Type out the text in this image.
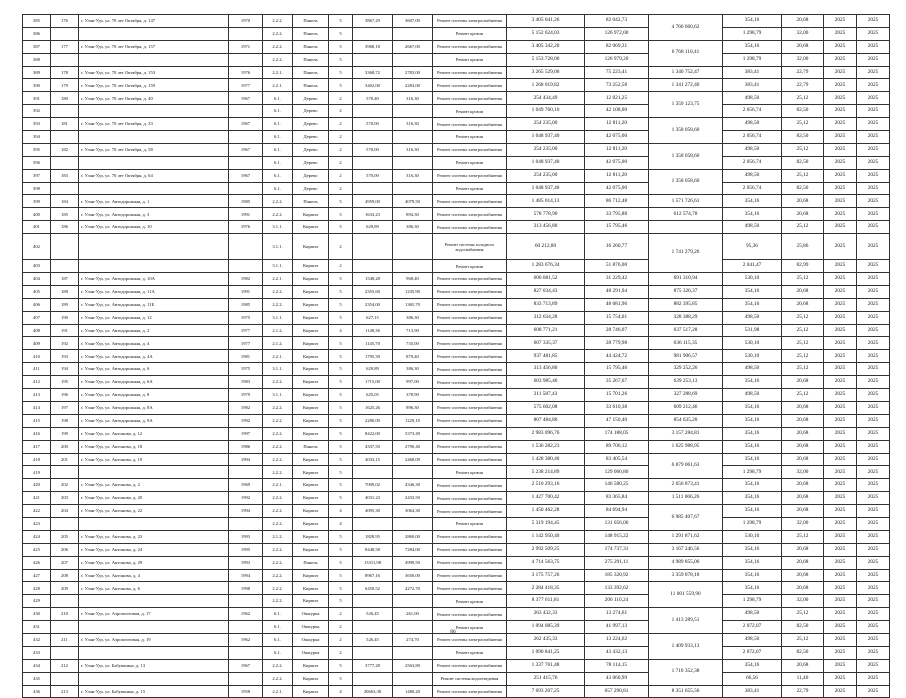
385	176	г. Улан-Удэ, ул. 70 лет Октября, д. 147	1970	2.2.2.	Панель	5	3867,29	3607,00	Ремонт системы электроснабжения	3 405 041,26	82 042,73	4 766 660,62	354,16	20,68	2025	2025
386				2.2.2.	Панель	5			Ремонт кровли	5 152 624,03	126 972,00		1 298,79	32,00	2025	2025
387	177	г. Улан-Удэ, ул. 70 лет Октября, д. 157	1971	2.2.2.	Панель	5	3968,18	2667,00	Ремонт системы электроснабжения	3 405 342,20	82 069,31	6 768 110,41	354,16	20,68	2025	2025
388				2.2.2.	Панель	5			Ремонт кровли	5 153 728,00	126 979,20		1 298,79	32,00	2025	2025
389	178	г. Улан-Удэ, ул. 70 лет Октября, д. 153	1976	2.2.1.	Панель	5	3368,72	2783,00	Ремонт системы электроснабжения	3 265 529,06	75 223,41	1 340 752,47	383,41	22,79	2025	2025
390	179	г. Улан-Удэ, ул. 70 лет Октября, д. 159	1977	2.2.1.	Панель	5	3402,00	2283,00	Ремонт системы электроснабжения	1 268 019,82	73 252,58	1 341 272,40	383,41	22,79	2025	2025
391	180	г. Улан-Удэ, ул. 70 лет Октября, д. 40	1967	6.1.	Дерево	2	570,40	316,30	Ремонт системы электроснабжения	254 434,49	12 821,25	1 359 123,75	498,50	25,12	2025	2025
392				6.1.	Дерево	2			Ремонт кровли	1 049 760,10	42 108,00		2 056,74	82,50	2025	2025
393	181	г. Улан-Удэ, ул. 70 лет Октября, д. 33	1967	6.1.	Дерево	2	570,00	316,30	Ремонт системы электроснабжения	254 235,00	12 811,20	1 358 058,60	498,50	25,12	2025	2025
394				6.1.	Дерево	2			Ремонт кровли	1 048 937,40	42 075,00		2 056,74	82,50	2025	2025
395	182	г. Улан-Удэ, ул. 70 лет Октября, д. 58	1967	6.1.	Дерево	2	570,00	316,30	Ремонт системы электроснабжения	254 235,00	12 811,20	1 358 058,60	498,50	25,12	2025	2025
396				6.1.	Дерево	2			Ремонт кровли	1 048 937,40	42 075,00		2 056,74	82,50	2025	2025
397	183	г. Улан-Удэ, ул. 70 лет Октября, д. 64	1967	6.1.	Дерево	2	570,00	316,30	Ремонт системы электроснабжения	254 235,00	12 811,20	1 358 058,60	498,50	25,12	2025	2025
398				6.1.	Дерево	2			Ремонт кровли	1 048 937,40	42 075,00		2 056,74	82,50	2025	2025
399	184	г. Улан-Удэ, ул. Автодорожная, д. 1	1985	2.2.2.	Панель	5	4959,00	4079,50	Ремонт системы электроснабжения	1 485 014,13	86 712,48	1 571 726,61	354,16	20,68	2025	2025
400	185	г. Улан-Удэ, ул. Автодорожная, д. 3	1991	2.2.2.	Кирпич	5	1633,23	894,30	Ремонт системы электроснабжения	578 778,90	33 795,88	612 574,78	354,16	20,68	2025	2025
401	186	г. Улан-Удэ, ул. Автодорожная, д. 10	1976	3.1.1.	Кирпич	5	629,89	386,30	Ремонт системы электроснабжения	313 456,80	15 795,46		498,50	25,12	2025	2025
402				3.1.1.	Кирпич	2			Ремонт системы холодного водоснабжения	60 212,80	16 260,77	1 741 279,26	95,36	25,86	2025	2025
403				3.1.1.	Кирпич	2			Ремонт кровли	1 283 676,34	51 876,00		2 041,47	82,99	2025	2025
404	187	г. Улан-Удэ, ул. Автодорожная, д. 10А	1982	2.2.1.	Кирпич	5	1548,28	968,40	Ремонт системы электроснабжения	600 081,52	31 229,42	691 310,94	530,10	25,12	2025	2025
405	188	г. Улан-Удэ, ул. Автодорожная, д. 11А	1991	2.2.2.	Кирпич	5	2355,60	1235,90	Ремонт системы электроснабжения	827 034,43	48 291,94	875 326,37	354,16	20,68	2025	2025
406	189	г. Улан-Удэ, ул. Автодорожная, д. 11Б	1985	2.2.2.	Кирпич	5	2354,00	1365,70	Ремонт системы электроснабжения	833 713,89	48 681,96	882 395,85	354,16	20,68	2025	2025
407	190	г. Улан-Удэ, ул. Автодорожная, д. 12	1975	3.1.1.	Кирпич	5	627,15	386,30	Ремонт системы электроснабжения	312 634,28	15 754,01	328 388,29	498,50	25,12	2025	2025
408	191	г. Улан-Удэ, ул. Автодорожная, д. 2	1977	2.1.2.	Кирпич	4	1148,36	713,90	Ремонт системы электроснабжения	608 771,21	28 746,07	637 517,28	531,98	25,12	2025	2025
409	192	г. Улан-Удэ, ул. Автодорожная, д. 4	1977	2.1.2.	Кирпич	5	1145,70	735,00	Ремонт системы электроснабжения	607 335,37	28 779,98	636 115,35	530,10	25,12	2025	2025
410	193	г. Улан-Удэ, ул. Автодорожная, д. 4А	1981	2.2.1.	Кирпич	5	1795,39	879,40	Ремонт системы электроснабжения	937 481,85	44 424,72	981 906,57	530,10	25,12	2025	2025
411	194	г. Улан-Удэ, ул. Автодорожная, д. 6	1975	3.1.1.	Кирпич	5	629,89	386,30	Ремонт системы электроснабжения	313 456,80	15 795,46	329 252,26	498,50	25,12	2025	2025
412	195	г. Улан-Удэ, ул. Автодорожная, д. 6А	1983	2.2.2.	Кирпич	5	1715,00	997,00	Ремонт системы электроснабжения	603 985,46	35 267,67	639 253,13	354,16	20,68	2025	2025
413	196	г. Улан-Удэ, ул. Автодорожная, д. 8	1979	3.1.1.	Кирпич	5	625,05	378,90	Ремонт системы электроснабжения	311 587,43	15 701,26	327 288,69	498,50	25,12	2025	2025
414	197	г. Улан-Удэ, ул. Автодорожная, д. 8А	1982	2.2.2.	Кирпич	5	1625,26	896,30	Ремонт системы электроснабжения	575 602,08	33 610,38	609 212,46	354,16	20,68	2025	2025
415	198	г. Улан-Удэ, ул. Автодорожная, д. 9А	1992	2.2.2.	Кирпич	5	2280,00	1229,10	Ремонт системы электроснабжения	807 484,80	47 150,40	854 635,20	354,16	20,68	2025	2025
416	199	г. Улан-Удэ, ул. Антонова, д. 12	1997	2.2.2.	Кирпич	5	8422,00	5373,49	Ремонт системы электроснабжения	2 983 096,76	174 188,05	3 157 284,81	354,16	20,68	2025	2025
417	200	г. Улан-Удэ, ул. Антонова, д. 18	1986	2.2.2.	Панель	5	4337,50	2790,40	Ремонт системы электроснабжения	1 536 282,23	89 706,12	1 625 988,95	354,16	20,68	2025	2025
418	201	г. Улан-Удэ, ул. Антонова, д. 19	1994	2.2.2.	Кирпич	5	4033,15	2468,09	Ремонт системы электроснабжения	1 428 380,40	83 405,54	6 879 061,63	354,16	20,68	2025	2025
419				2.2.2.	Кирпич	5			Ремонт кровли	5 238 214,89	129 060,80		1 298,79	32,00	2025	2025
420	202	г. Улан-Удэ, ул. Антонова, д. 2	1969	2.2.1.	Кирпич	5	7009,02	4346,30	Ремонт системы электроснабжения	2 510 293,16	146 580,25	2 656 873,41	354,16	20,68	2025	2025
421	203	г. Улан-Удэ, ул. Антонова, д. 20	1992	2.2.2.	Кирпич	5	4031,23	2433,50	Ремонт системы электроснабжения	1 427 700,42	83 365,84	1 511 066,26	354,16	20,68	2025	2025
422	204	г. Улан-Удэ, ул. Антонова, д. 22	1994	2.2.2.	Кирпич	4	4095,30	3064,30	Ремонт системы электроснабжения	1 450 462,28	84 694,94	6 985 407,67	354,16	20,68	2025	2025
423				2.2.2.	Кирпич	4			Ремонт кровли	5 319 194,45	131 056,00		1 298,79	32,00	2025	2025
424	205	г. Улан-Удэ, ул. Антонова, д. 23	1993	2.1.2.	Кирпич	5	1828,95	2860,00	Ремонт системы электроснабжения	1 142 950,40	148 915,22	1 291 871,62	530,10	25,12	2025	2025
425	206	г. Улан-Удэ, ул. Антонова, д. 24	1995	2.2.2.	Кирпич	5	8448,58	7284,00	Ремонт системы электроснабжения	2 992 509,25	174 737,31	3 167 246,56	354,16	20,68	2025	2025
426	207	г. Улан-Удэ, ул. Антонова, д. 29	1993	2.2.2.	Панель	5	13311,98	4999,50	Ремонт системы электроснабжения	4 714 563,75	275 291,11	4 989 855,06	354,16	20,68	2025	2025
427	208	г. Улан-Удэ, ул. Антонова, д. 4	1994	2.2.2.	Кирпич	5	8967,16	3650,00	Ремонт системы электроснабжения	3 175 757,26	185 320,92	3 359 078,18	354,16	20,68	2025	2025
428	209	г. Улан-Удэ, ул. Антонова, д. 6	1998	2.2.2.	Кирпич	5	6450,52	4272,70	Ремонт системы электроснабжения	2 284 418,35	133 392,62	11 001 559,90	354,16	20,68	2025	2025
429				2.2.2.	Кирпич	5			Ремонт кровли	8 377 611,81	206 110,24		1 298,79	32,00	2025	2025
430	210	г. Улан-Удэ, ул. Аэропочтовая, д. 17	1962	6.1.	Ошкурка	2	526,45	261,00	Ремонт системы электроснабжения	263 432,33	13 274,61	1 413 289,51	498,50	25,12	2025	2025
431				6.1.	Ошкурка	2			Ремонт кровли	1 094 085,39	41 997,13		2 072,07	82,50	2025	2025
432	211	г. Улан-Удэ, ул. Аэропочтовая, д. 19	1962	6.1.	Ошкурка	2	526,45	274,70	Ремонт системы электроснабжения	262 435,33	13 224,62	1 409 933,13	498,50	25,12	2025	2025
433				6.1.	Ошкурка	2			Ремонт кровли	1 090 841,25	43 432,13		2 072,07	82,50	2025	2025
434	212	г. Улан-Удэ, ул. Бабушкина, д. 13	1967	2.2.2.	Кирпич	5	3777,28	2563,80	Ремонт системы электроснабжения	1 337 761,48	78 114,15	1 710 352,38	354,16	20,68	2025	2025
435				2.2.2.	Кирпич	5			Ремонт системы водоотведения	251 415,76	43 060,99		66,56	11,40	2025	2025
436	213	г. Улан-Удэ, ул. Бабушкина, д. 15	1958	2.2.1.	Кирпич	4	20663,38	1480,20	Ремонт системы электроснабжения	7 693 207,25	657 290,81	8 351 655,56	383,41	22,79	2025	2025
86
